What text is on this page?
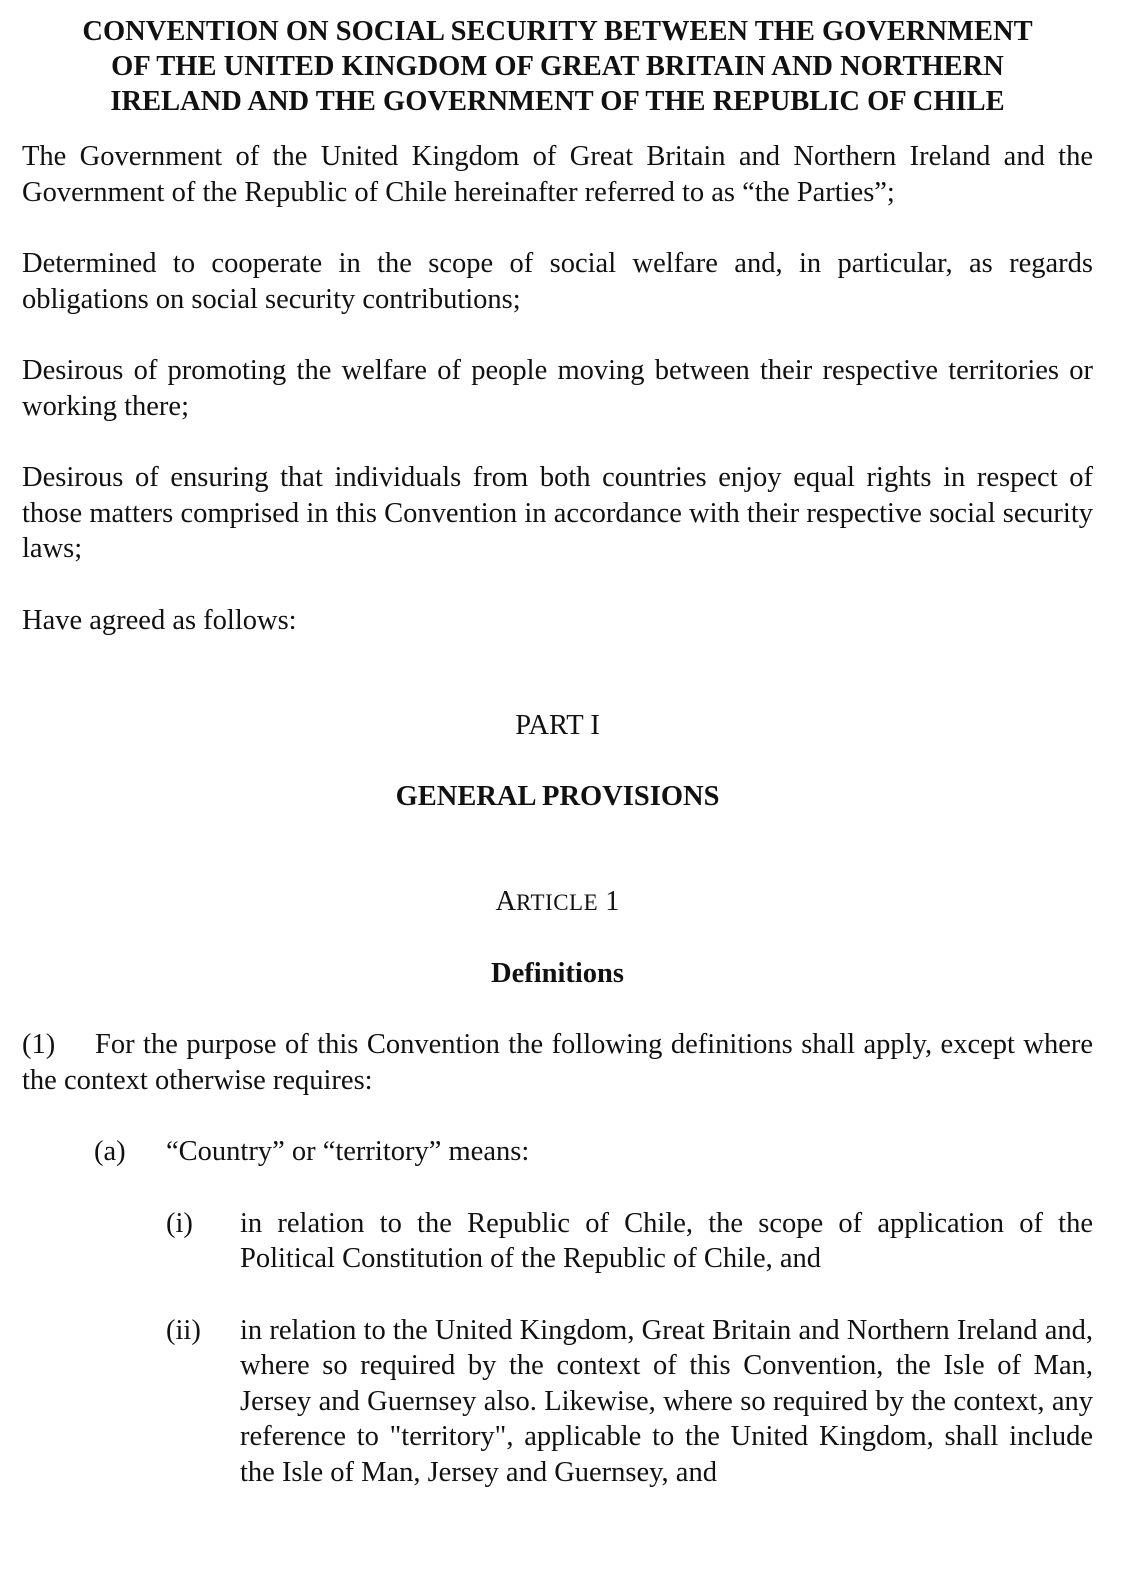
CONVENTION ON SOCIAL SECURITY BETWEEN THE GOVERNMENT
OF THE UNITED KINGDOM OF GREAT BRITAIN AND NORTHERN
IRELAND AND THE GOVERNMENT OF THE REPUBLIC OF CHILE

The Government of the United Kingdom of Great Britain and Northern Ireland and the Government of the Republic of Chile hereinafter referred to as “the Parties”;

Determined to cooperate in the scope of social welfare and, in particular, as regards obligations on social security contributions;

Desirous of promoting the welfare of people moving between their respective territories or working there;

Desirous of ensuring that individuals from both countries enjoy equal rights in respect of those matters comprised in this Convention in accordance with their respective social security laws;

Have agreed as follows:

PART I

GENERAL PROVISIONS

ARTICLE 1

Definitions

(1) For the purpose of this Convention the following definitions shall apply, except where the context otherwise requires:

(a)	“Country” or “territory” means:
(i)	in relation to the Republic of Chile, the scope of application of the Political Constitution of the Republic of Chile, and
(ii)	in relation to the United Kingdom, Great Britain and Northern Ireland and, where so required by the context of this Convention, the Isle of Man, Jersey and Guernsey also. Likewise, where so required by the context, any reference to "territory", applicable to the United Kingdom, shall include the Isle of Man, Jersey and Guernsey, and
